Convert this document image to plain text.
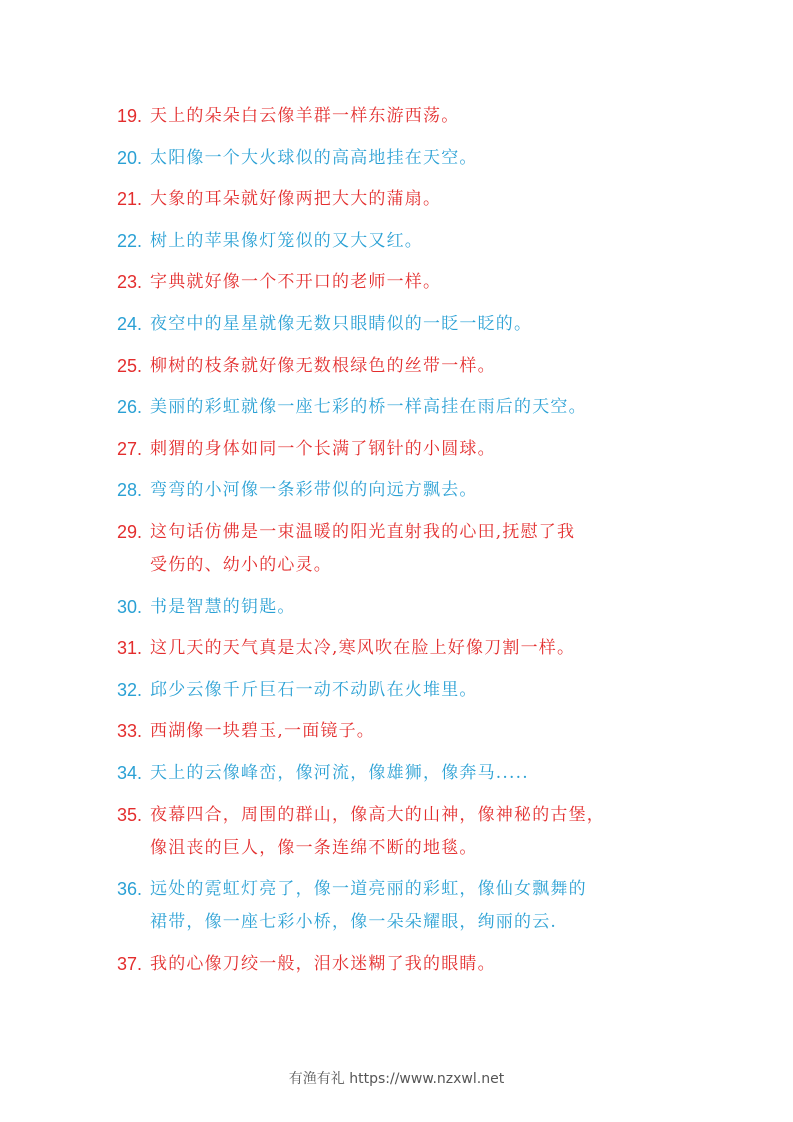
19. 天上的朵朵白云像羊群一样东游西荡。
20. 太阳像一个大火球似的高高地挂在天空。
21. 大象的耳朵就好像两把大大的蒲扇。
22. 树上的苹果像灯笼似的又大又红。
23. 字典就好像一个不开口的老师一样。
24. 夜空中的星星就像无数只眼睛似的一眨一眨的。
25. 柳树的枝条就好像无数根绿色的丝带一样。
26. 美丽的彩虹就像一座七彩的桥一样高挂在雨后的天空。
27. 刺猬的身体如同一个长满了钢针的小圆球。
28. 弯弯的小河像一条彩带似的向远方飘去。
29. 这句话仿佛是一束温暖的阳光直射我的心田,抚慰了我
受伤的、幼小的心灵。
30. 书是智慧的钥匙。
31. 这几天的天气真是太冷,寒风吹在脸上好像刀割一样。
32. 邱少云像千斤巨石一动不动趴在火堆里。
33. 西湖像一块碧玉,一面镜子。
34. 天上的云像峰峦，像河流，像雄狮，像奔马.....
35. 夜幕四合，周围的群山，像高大的山神，像神秘的古堡，
像沮丧的巨人，像一条连绵不断的地毯。
36. 远处的霓虹灯亮了，像一道亮丽的彩虹，像仙女飘舞的
裙带，像一座七彩小桥，像一朵朵耀眼，绚丽的云.
37. 我的心像刀绞一般，泪水迷糊了我的眼睛。
有渔有礼 https://www.nzxwl.net
